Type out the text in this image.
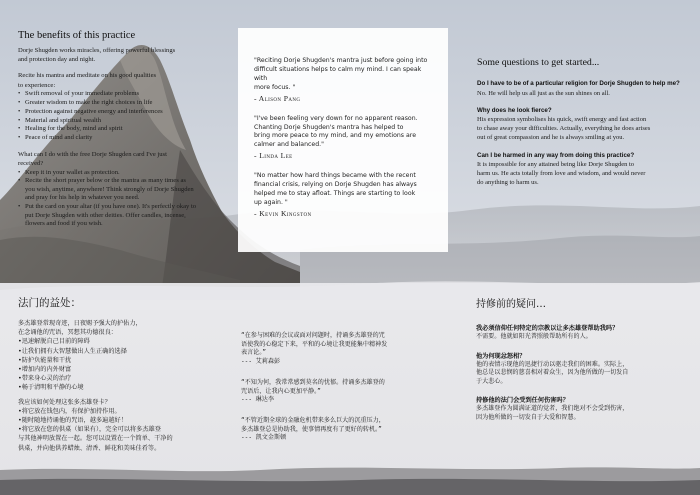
The benefits of this practice
Dorje Shugden works miracles, offering powerful blessings
and protection day and night.
Recite his mantra and meditate on his good qualities
to experience:
• Swift removal of your immediate problems
• Greater wisdom to make the right choices in life
• Protection against negative energy and interferences
• Material and spiritual wealth
• Healing for the body, mind and spirit
• Peace of mind and clarity
What can I do with the free Dorje Shugden card I've just
received?
• Keep it in your wallet as protection.
• Recite the short prayer below or the mantra as many times as
you wish, anytime, anywhere! Think strongly of Dorje Shugden
and pray for his help in whatever you need.
• Put the card on your altar (if you have one). It's perfectly okay to
put Dorje Shugden with other deities. Offer candles, incense,
flowers and food if you wish.
"Reciting Dorje Shugden's mantra just before going into
difficult situations helps to calm my mind. I can speak with
more focus. "
- Alison Pang
"I've been feeling very down for no apparent reason.
Chanting Dorje Shugden's mantra has helped to
bring more peace to my mind, and my emotions are
calmer and balanced."
- Linda Lee
"No matter how hard things became with the recent
financial crisis, relying on Dorje Shugden has always
helped me to stay afloat. Things are starting to look
up again. "
- Kevin Kingston
Some questions to get started...
Do I have to be of a particular religion for Dorje Shugden to help me?
No. He will help us all just as the sun shines on all.
Why does he look fierce?
His expression symbolises his quick, swift energy and fast action
to chase away your difficulties. Actually, everything he does arises
out of great compassion and he is always smiling at you.
Can I be harmed in any way from doing this practice?
It is impossible for any attained being like Dorje Shugden to
harm us. He acts totally from love and wisdom, and would never
do anything to harm us.
法门的益处：
多杰雄登常现奇迹，日夜赐予强大的护佑力，
在念诵他的咒语，冥想其功德很良：
•迅速解脱自己目前的障碍
•让我们拥有大智慧做出人生正确的选择
•防护负能量和干扰
•增加内的内外财富
•带来身心灵的治疗
•畅于清明和平静的心境
我应该如何处理这张多杰雄登卡？
•将它放在钱包内，有保护加持作用。
•随时随地持诵他的咒语，越多遍越好！
•将它放在您的供桌（如果有），完全可以将多杰雄登
与其他神明放置在一起。您可以设置在一个简单、干净的
供桌，并向他供养蜡烛、清香、鲜花和美味佳肴等。
“在参与困难的会议或面对问题时，持诵多杰雄登的咒
语使我的心稳定下来，平和的心境让我更能集中精神发
表言论。”
--- 艾莉森彭
“不知为何，我常常感到莫名的忧郁。持诵多杰雄登的
咒语后，让我内心更加平静。”
--- 琳达李
“不管近期全球的金融危机带来多么巨大的沉重压力，
多杰雄登总是协助我，使事情再度有了更好的转机。”
--- 凯文金斯顿
持修前的疑问…
我必须信仰任何特定的宗教以让多杰雄登帮助我吗？
不需要。他就如阳光普照般帮助所有的人。
他为何现忿怒相？
他的表情示现他的迅捷行动以驱走我们的困难。实际上，
他总是以悲悯的慈喜相对着众生，因为他所做的一切发自
于大悲心。
持修他的法门会受到任何伤害吗？
多杰雄登作为圆满证道的觉者，我们绝对不会受到伤害，
因为他所做的一切发自于大爱和智慧。
